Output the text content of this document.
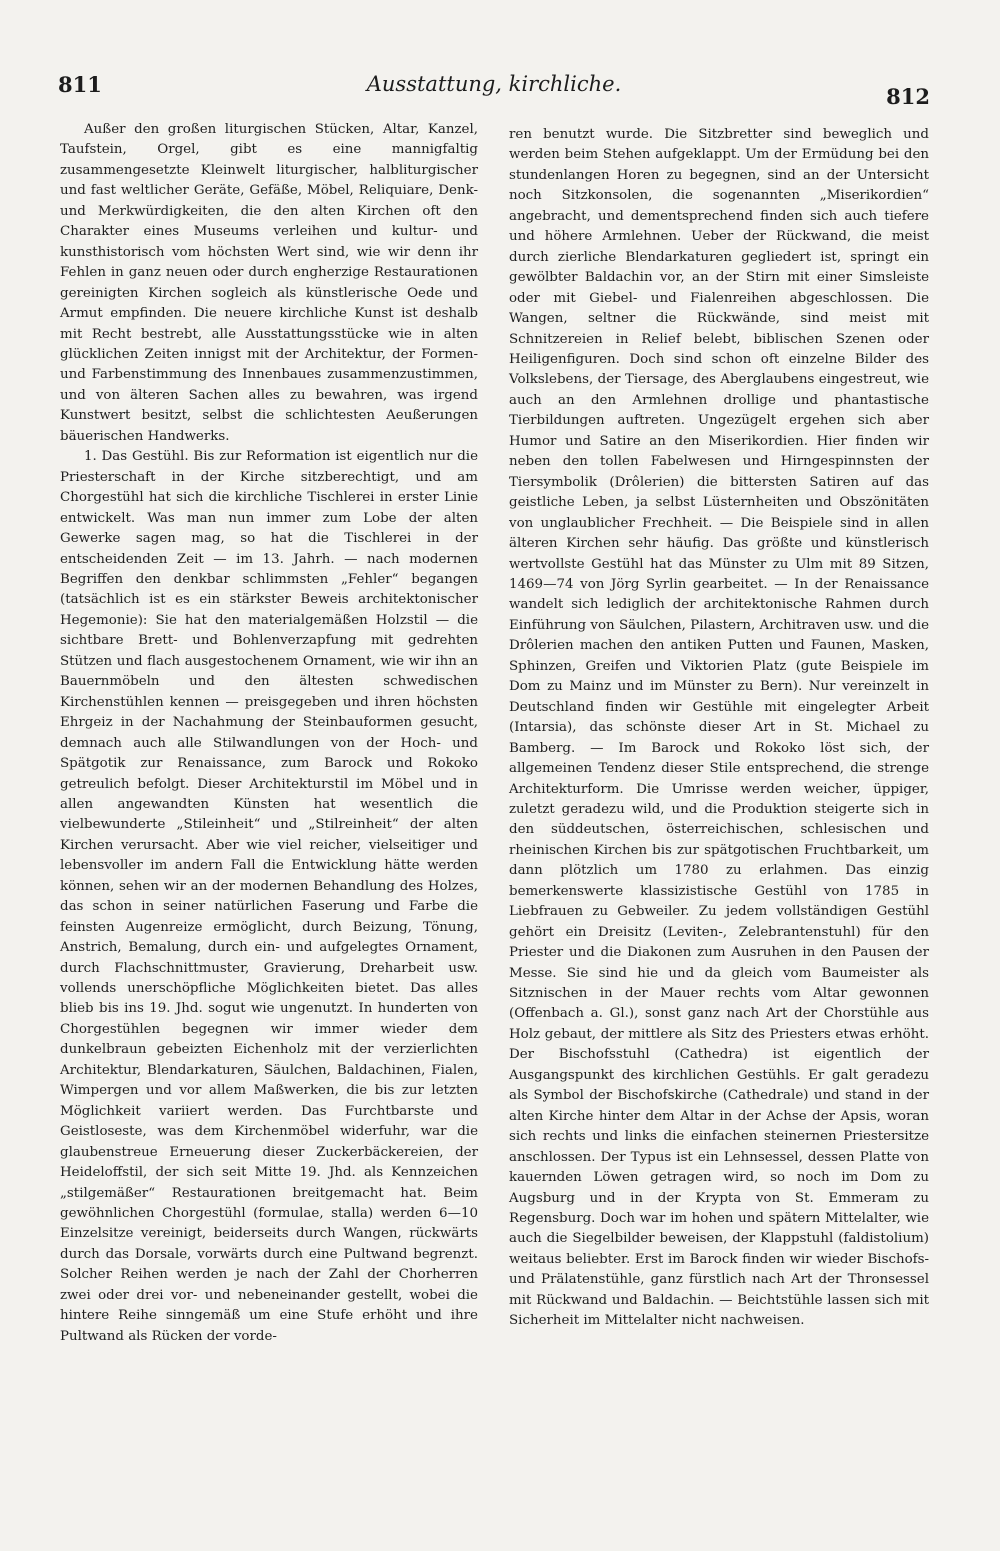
811	Ausstattung, kirchliche.	812

Außer den großen liturgischen Stücken, Altar, Kanzel, Taufstein, Orgel, gibt es eine mannigfaltig zusammengesetzte Kleinwelt liturgischer, halbliturgischer und fast weltlicher Geräte, Gefäße, Möbel, Reliquiare, Denk- und Merkwürdigkeiten, die den alten Kirchen oft den Charakter eines Museums verleihen und kultur- und kunsthistorisch vom höchsten Wert sind, wie wir denn ihr Fehlen in ganz neuen oder durch engherzige Restaurationen gereinigten Kirchen sogleich als künstlerische Oede und Armut empfinden. Die neuere kirchliche Kunst ist deshalb mit Recht bestrebt, alle Ausstattungsstücke wie in alten glücklichen Zeiten innigst mit der Architektur, der Formen- und Farbenstimmung des Innenbaues zusammenzustimmen, und von älteren Sachen alles zu bewahren, was irgend Kunstwert besitzt, selbst die schlichtesten Aeußerungen bäuerischen Handwerks.

1. Das Gestühl. Bis zur Reformation ist eigentlich nur die Priesterschaft in der Kirche sitzberechtigt, und am Chorgestühl hat sich die kirchliche Tischlerei in erster Linie entwickelt. Was man nun immer zum Lobe der alten Gewerke sagen mag, so hat die Tischlerei in der entscheidenden Zeit — im 13. Jahrh. — nach modernen Begriffen den denkbar schlimmsten „Fehler“ begangen (tatsächlich ist es ein stärkster Beweis architektonischer Hegemonie): Sie hat den materialgemäßen Holzstil — die sichtbare Brett- und Bohlenverzapfung mit gedrehten Stützen und flach ausgestochenem Ornament, wie wir ihn an Bauernmöbeln und den ältesten schwedischen Kirchenstühlen kennen — preisgegeben und ihren höchsten Ehrgeiz in der Nachahmung der Steinbauformen gesucht, demnach auch alle Stilwandlungen von der Hoch- und Spätgotik zur Renaissance, zum Barock und Rokoko getreulich befolgt. Dieser Architekturstil im Möbel und in allen angewandten Künsten hat wesentlich die vielbewunderte „Stileinheit“ und „Stilreinheit“ der alten Kirchen verursacht. Aber wie viel reicher, vielseitiger und lebensvoller im andern Fall die Entwicklung hätte werden können, sehen wir an der modernen Behandlung des Holzes, das schon in seiner natürlichen Faserung und Farbe die feinsten Augenreize ermöglicht, durch Beizung, Tönung, Anstrich, Bemalung, durch ein- und aufgelegtes Ornament, durch Flachschnittmuster, Gravierung, Dreharbeit usw. vollends unerschöpfliche Möglichkeiten bietet. Das alles blieb bis ins 19. Jhd. sogut wie ungenutzt. In hunderten von Chorgestühlen begegnen wir immer wieder dem dunkelbraun gebeizten Eichenholz mit der verzierlichten Architektur, Blendarkaturen, Säulchen, Baldachinen, Fialen, Wimpergen und vor allem Maßwerken, die bis zur letzten Möglichkeit variiert werden. Das Furchtbarste und Geistloseste, was dem Kirchenmöbel widerfuhr, war die glaubenstreue Erneuerung dieser Zuckerbäckereien, der Heideloffstil, der sich seit Mitte 19. Jhd. als Kennzeichen „stilgemäßer“ Restaurationen breitgemacht hat. Beim gewöhnlichen Chorgestühl (formulae, stalla) werden 6—10 Einzelsitze vereinigt, beiderseits durch Wangen, rückwärts durch das Dorsale, vorwärts durch eine Pultwand begrenzt. Solcher Reihen werden je nach der Zahl der Chorherren zwei oder drei vor- und nebeneinander gestellt, wobei die hintere Reihe sinngemäß um eine Stufe erhöht und ihre Pultwand als Rücken der vorde-

ren benutzt wurde. Die Sitzbretter sind beweglich und werden beim Stehen aufgeklappt. Um der Ermüdung bei den stundenlangen Horen zu begegnen, sind an der Untersicht noch Sitzkonsolen, die sogenannten „Miserikordien“ angebracht, und dementsprechend finden sich auch tiefere und höhere Armlehnen. Ueber der Rückwand, die meist durch zierliche Blendarkaturen gegliedert ist, springt ein gewölbter Baldachin vor, an der Stirn mit einer Simsleiste oder mit Giebel- und Fialenreihen abgeschlossen. Die Wangen, seltner die Rückwände, sind meist mit Schnitzereien in Relief belebt, biblischen Szenen oder Heiligenfiguren. Doch sind schon oft einzelne Bilder des Volkslebens, der Tiersage, des Aberglaubens eingestreut, wie auch an den Armlehnen drollige und phantastische Tierbildungen auftreten. Ungezügelt ergehen sich aber Humor und Satire an den Miserikordien. Hier finden wir neben den tollen Fabelwesen und Hirngespinnsten der Tiersymbolik (Drôlerien) die bittersten Satiren auf das geistliche Leben, ja selbst Lüsternheiten und Obszönitäten von unglaublicher Frechheit. — Die Beispiele sind in allen älteren Kirchen sehr häufig. Das größte und künstlerisch wertvollste Gestühl hat das Münster zu Ulm mit 89 Sitzen, 1469—74 von Jörg Syrlin gearbeitet. — In der Renaissance wandelt sich lediglich der architektonische Rahmen durch Einführung von Säulchen, Pilastern, Architraven usw. und die Drôlerien machen den antiken Putten und Faunen, Masken, Sphinzen, Greifen und Viktorien Platz (gute Beispiele im Dom zu Mainz und im Münster zu Bern). Nur vereinzelt in Deutschland finden wir Gestühle mit eingelegter Arbeit (Intarsia), das schönste dieser Art in St. Michael zu Bamberg. — Im Barock und Rokoko löst sich, der allgemeinen Tendenz dieser Stile entsprechend, die strenge Architekturform. Die Umrisse werden weicher, üppiger, zuletzt geradezu wild, und die Produktion steigerte sich in den süddeutschen, österreichischen, schlesischen und rheinischen Kirchen bis zur spätgotischen Fruchtbarkeit, um dann plötzlich um 1780 zu erlahmen. Das einzig bemerkenswerte klassizistische Gestühl von 1785 in Liebfrauen zu Gebweiler. Zu jedem vollständigen Gestühl gehört ein Dreisitz (Leviten-, Zelebrantenstuhl) für den Priester und die Diakonen zum Ausruhen in den Pausen der Messe. Sie sind hie und da gleich vom Baumeister als Sitznischen in der Mauer rechts vom Altar gewonnen (Offenbach a. Gl.), sonst ganz nach Art der Chorstühle aus Holz gebaut, der mittlere als Sitz des Priesters etwas erhöht. Der Bischofsstuhl (Cathedra) ist eigentlich der Ausgangspunkt des kirchlichen Gestühls. Er galt geradezu als Symbol der Bischofskirche (Cathedrale) und stand in der alten Kirche hinter dem Altar in der Achse der Apsis, woran sich rechts und links die einfachen steinernen Priestersitze anschlossen. Der Typus ist ein Lehnsessel, dessen Platte von kauernden Löwen getragen wird, so noch im Dom zu Augsburg und in der Krypta von St. Emmeram zu Regensburg. Doch war im hohen und spätern Mittelalter, wie auch die Siegelbilder beweisen, der Klappstuhl (faldistolium) weitaus beliebter. Erst im Barock finden wir wieder Bischofs- und Prälatenstühle, ganz fürstlich nach Art der Thronsessel mit Rückwand und Baldachin. — Beichtstühle lassen sich mit Sicherheit im Mittelalter nicht nachweisen.
